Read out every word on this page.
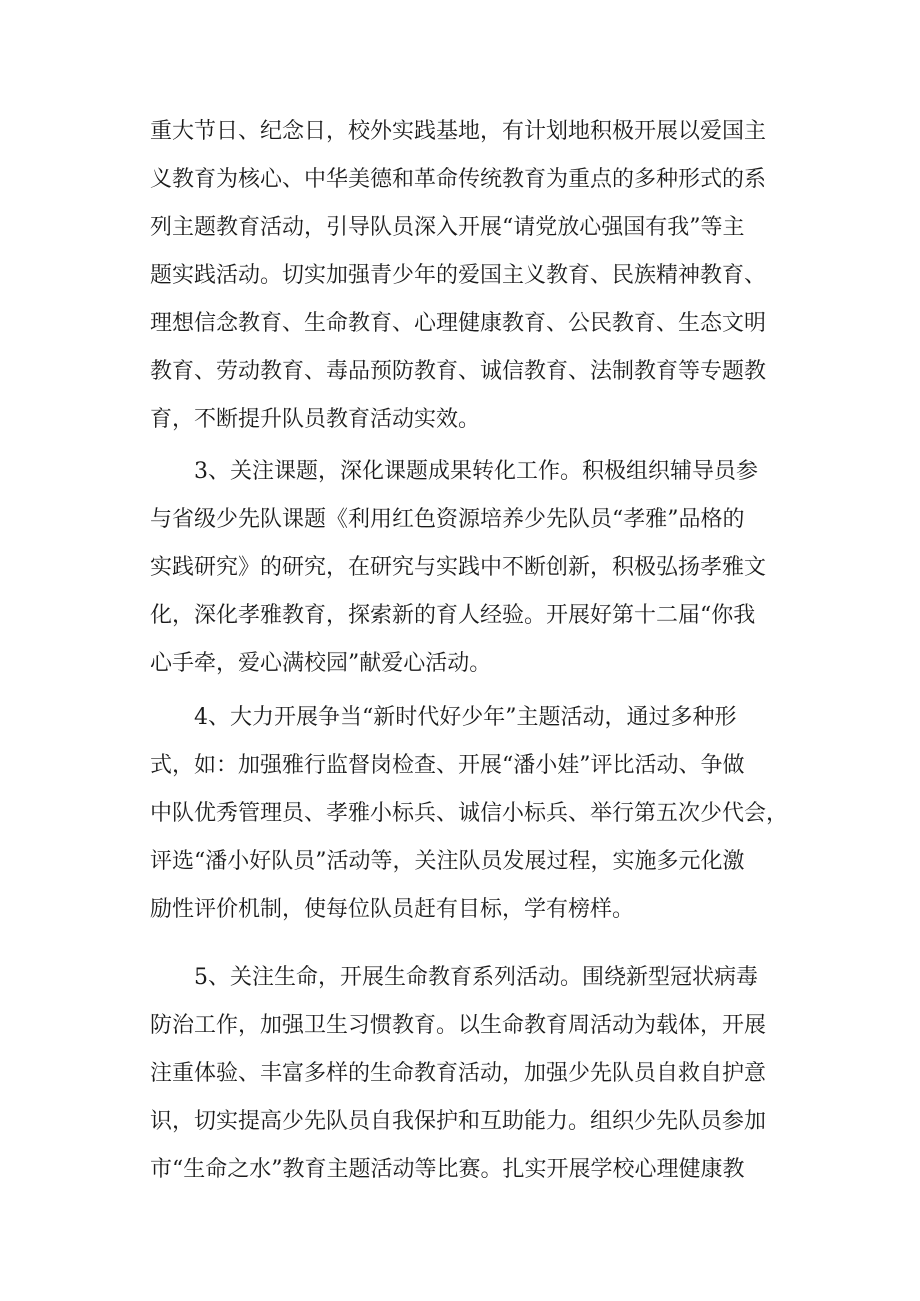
重大节日、纪念日，校外实践基地，有计划地积极开展以爱国主

义教育为核心、中华美德和革命传统教育为重点的多种形式的系

列主题教育活动，引导队员深入开展“请党放心强国有我”等主

题实践活动。切实加强青少年的爱国主义教育、民族精神教育、

理想信念教育、生命教育、心理健康教育、公民教育、生态文明

教育、劳动教育、毒品预防教育、诚信教育、法制教育等专题教

育，不断提升队员教育活动实效。

3、关注课题，深化课题成果转化工作。积极组织辅导员参

与省级少先队课题《利用红色资源培养少先队员“孝雅”品格的

实践研究》的研究，在研究与实践中不断创新，积极弘扬孝雅文

化，深化孝雅教育，探索新的育人经验。开展好第十二届“你我

心手牵，爱心满校园”献爱心活动。

4、大力开展争当“新时代好少年”主题活动，通过多种形

式，如：加强雅行监督岗检查、开展“潘小娃”评比活动、争做

中队优秀管理员、孝雅小标兵、诚信小标兵、举行第五次少代会，

评选“潘小好队员”活动等，关注队员发展过程，实施多元化激

励性评价机制，使每位队员赶有目标，学有榜样。

5、关注生命，开展生命教育系列活动。围绕新型冠状病毒

防治工作，加强卫生习惯教育。以生命教育周活动为载体，开展

注重体验、丰富多样的生命教育活动，加强少先队员自救自护意

识，切实提高少先队员自我保护和互助能力。组织少先队员参加

市“生命之水”教育主题活动等比赛。扎实开展学校心理健康教
